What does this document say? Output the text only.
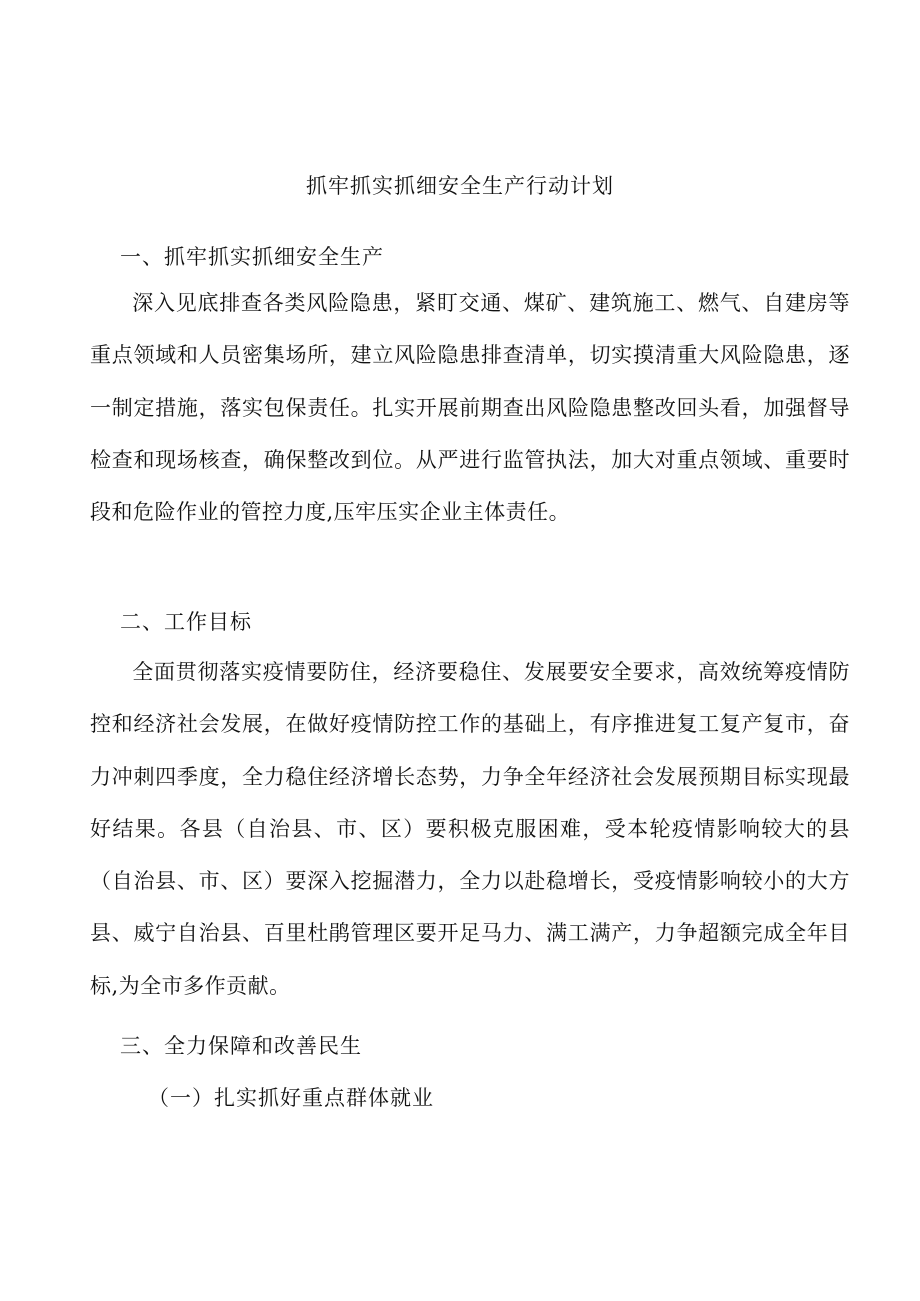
抓牢抓实抓细安全生产行动计划
一、抓牢抓实抓细安全生产

深入见底排查各类风险隐患，紧盯交通、煤矿、建筑施工、燃气、自建房等重点领域和人员密集场所，建立风险隐患排查清单，切实摸清重大风险隐患，逐一制定措施，落实包保责任。扎实开展前期查出风险隐患整改回头看，加强督导检查和现场核查，确保整改到位。从严进行监管执法，加大对重点领域、重要时段和危险作业的管控力度,压牢压实企业主体责任。

二、工作目标

全面贯彻落实疫情要防住，经济要稳住、发展要安全要求，高效统筹疫情防控和经济社会发展，在做好疫情防控工作的基础上，有序推进复工复产复市，奋力冲刺四季度，全力稳住经济增长态势，力争全年经济社会发展预期目标实现最好结果。各县（自治县、市、区）要积极克服困难，受本轮疫情影响较大的县（自治县、市、区）要深入挖掘潜力，全力以赴稳增长，受疫情影响较小的大方县、威宁自治县、百里杜鹃管理区要开足马力、满工满产，力争超额完成全年目标,为全市多作贡献。

三、全力保障和改善民生
（一）扎实抓好重点群体就业
